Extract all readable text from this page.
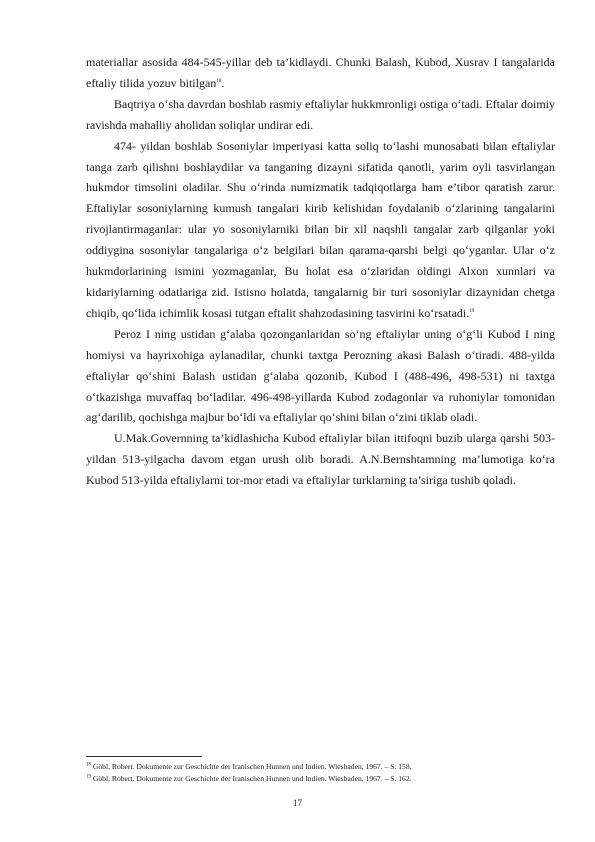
materiallar asosida 484-545-yillar deb ta’kidlaydi. Chunki Balash, Kubod, Xusrav I tangalarida eftaliy tilida yozuv bitilgan$^{18}$.

Baqtriya o‘sha davrdan boshlab rasmiy eftaliylar hukkmronligi ostiga o‘tadi. Eftalar doimiy ravishda mahalliy aholidan soliqlar undirar edi.

474- yildan boshlab Sosoniylar imperiyasi katta soliq to‘lashi munosabati bilan eftaliylar tanga zarb qilishni boshlaydilar va tanganing dizayni sifatida qanotli, yarim oyli tasvirlangan hukmdor timsolini oladilar. Shu o‘rinda numizmatik tadqiqotlarga ham e’tibor qaratish zarur. Eftaliylar sosoniylarning kumush tangalari kirib kelishidan foydalanib o‘zlarining tangalarini rivojlantirmaganlar: ular yo sosoniylarniki bilan bir xil naqshli tangalar zarb qilganlar yoki oddiygina sosoniylar tangalariga o‘z belgilari bilan qarama-qarshi belgi qo‘yganlar. Ular o‘z hukmdorlarining ismini yozmaganlar, Bu holat esa o‘zlaridan oldingi Alxon xunnlari va kidariylarning odatlariga zid. Istisno holatda, tangalarnig bir turi sosoniylar dizaynidan chetga chiqib, qo‘lida ichimlik kosasi tutgan eftalit shahzodasining tasvirini ko‘rsatadi.$^{19}$

Peroz I ning ustidan g‘alaba qozonganlaridan so‘ng eftaliylar uning o‘g‘li Kubod I ning homiysi va hayrixohiga aylanadilar, chunki taxtga Perozning akasi Balash o‘tiradi. 488-yilda eftaliylar qo‘shini Balash ustidan g‘alaba qozonib, Kubod I (488-496, 498-531) ni taxtga o‘tkazishga muvaffaq bo‘ladilar. 496-498-yillarda Kubod zodagonlar va ruhoniylar tomonidan ag‘darilib, qochishga majbur bo‘ldi va eftaliylar qo‘shini bilan o‘zini tiklab oladi.

U.Mak.Governning ta’kidlashicha Kubod eftaliylar bilan ittifoqni buzib ularga qarshi 503-yildan 513-yilgacha davom etgan urush olib boradi. A.N.Bernshtamning ma’lumotiga ko‘ra Kubod 513-yilda eftaliylarni tor-mor etadi va eftaliylar turklarning ta’siriga tushib qoladi.

$^{18}$ Göbl, Robert. Dokumente zur Geschichte der Iranischen Hunnen und Indien. Wiesbaden, 1967. – S. 158.

$^{19}$ Göbl, Robert. Dokumente zur Geschichte der Iranischen Hunnen und Indien. Wiesbaden, 1967. – S. 162.

17
